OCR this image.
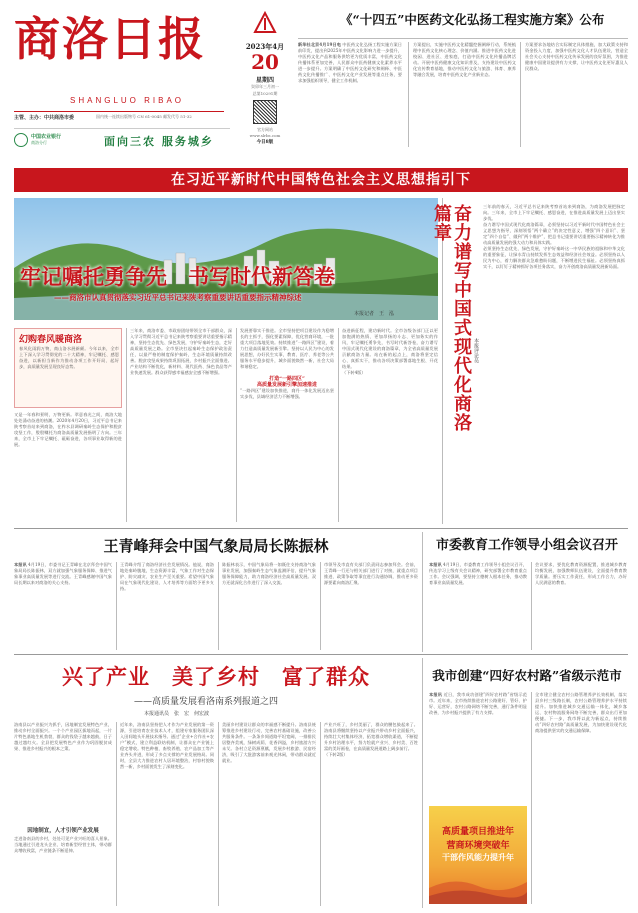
商洛日报
SHANGLUO RIBAO
主管、主办：中共商洛市委	国内统一连续出版物号 CN 61-0045 邮发代号 51-32
中国农业银行
商洛分行	面向三农 服务城乡
2023年4月
20
星期四
癸卯年三月初一
总第10291期
官方网站
www.slrbs.com
今日8版
《“十四五”中医药文化弘扬工程实施方案》公布
新华社北京4月19日电 中医药文化弘扬工程实施方案日前印发，提出到2025年中医药文化影响力进一步提升，中医药文化产品和服务供给更为优质丰富，中医药文化传播体系更加完善，人民群众中医药健康文化素养水平进一步提升。方案明确了中医药文化研究和阐释、中医药文化传播推广、中医药文化产业发展等重点任务，要求加强组织领导，健全工作机制。
方案提出，实施中医药文化精髓挖掘阐释行动，系统梳理中医药文化核心理念、价值内涵。推进中医药文化进校园、进社区、进家庭，打造中医药文化传播品牌活动。开展中医药健康文化知识普及，支持建设中医药文化宣传教育基地，推动中医药文化与旅游、体育、康养等融合发展，培育中医药文化产业新业态。
方案要求各地结合实际制定具体措施，加大政策支持和资金投入力度，加强中医药文化人才队伍建设，营造全社会关心支持中医药文化传承发展的良好氛围，为推进健康中国建设提供有力支撑，让中医药文化更好惠及人民群众。
在习近平新时代中国特色社会主义思想指引下
牢记嘱托勇争先　书写时代新答卷
——商洛市认真贯彻落实习近平总书记来陕考察重要讲话重要指示精神综述
本报记者　王　泓
幻购春风暖商洛
春风化雨润万物，商山洛水展新颜。今年以来，全市上下深入学习贯彻党的二十大精神，牢记嘱托、感恩奋进，以新担当新作为推动各项工作开好局、起好步，高质量发展呈现良好态势。
又是一年春和景明，万物更新。翠意春光之间，商洛大地处处涌动奋进的热潮。2020年4月20日，习近平总书记来陕考察首站来到商洛，在柞水县调研秦岭生态保护和脱贫攻坚工作，殷殷嘱托为商洛高质量发展指明了方向。三年来，全市上下牢记嘱托、砥砺奋进，各项事业取得新的进展。
三年来，商洛市委、市政府团结带领全市干部群众，深入学习贯彻习近平总书记来陕考察重要讲话重要指示精神，坚持生态优先、绿色发展，守护好秦岭生态，走好高质量发展之路。全市坚决扛起秦岭生态保护政治责任，以最严格的制度保护秦岭，生态环境质量持续改善。脱贫攻坚成果持续巩固拓展，乡村振兴全面推进。产业结构不断优化，新材料、现代医药、绿色食品等产业快速发展。群众获得感幸福感安全感不断增强。
发展要靠实干推进。全市坚持把项目建设作为稳增长的主抓手，强化要素保障，优化营商环境，一批重大项目落地见效。持续推进“一路四区”建设，着力打造高质量发展新引擎。坚持以人民为中心的发展思想，办好民生实事，教育、医疗、养老等公共服务水平稳步提升，城乡面貌焕然一新，社会大局和谐稳定。

打造“一路四区”
高质量发展新引擎加速推进
“一路四区”建设加快推进，商丹一体化发展迈出坚实步伐，县域经济活力不断增强。
奋进新征程，建功新时代。全市各级各部门正以更加饱满的热情、更加昂扬的斗志、更加务实的作风，牢记嘱托勇争先，书写时代新答卷，奋力谱写中国式现代化建设的商洛篇章，为全省高质量发展贡献商洛力量。站在新的起点上，商洛将坚定信心、真抓实干，推动各项决策部署落地生根、开花结果。
（下转4版）	奋力谱写中国式现代化商洛篇章
本报评论员
三年前的春天，习近平总书记来陕考察首站来到商洛，为商洛发展把脉定向。三年来，全市上下牢记嘱托、感恩奋进，在推进高质量发展上迈出坚实步伐。
奋力谱写中国式现代化商洛篇章，必须坚持以习近平新时代中国特色社会主义思想为指导，深刻领悟“两个确立”的决定性意义，增强“四个意识”、坚定“四个自信”、做到“两个维护”，把总书记重要讲话重要指示精神转化为推动高质量发展的强大动力和具体实践。
必须坚持生态优先、绿色发展，守护好秦岭这一中华民族的祖脉和中华文化的重要象征，让绿水青山持续发挥生态效益和经济社会效益。必须坚持以人民为中心，着力解决群众急难愁盼问题，不断增进民生福祉。必须坚持真抓实干，以钉钉子精神抓好各项任务落实，奋力开创商洛高质量发展新局面。
王青峰拜会中国气象局局长陈振林
本报讯 4月19日，市委书记王青峰在北京拜会中国气象局局长陈振林，双方就加强气象服务保障、推进气象事业高质量发展等进行交流。王青峰感谢中国气象局长期以来对商洛的关心支持。
王青峰介绍了商洛经济社会发展情况。他说，商洛地处秦岭腹地，生态资源丰富，气象工作对生态保护、防灾减灾、农业生产至关重要。希望中国气象局在气象现代化建设、人才培养等方面给予更多支持。
陈振林表示，中国气象局将一如既往支持商洛气象事业发展，加强秦岭生态气象监测评估，提升气象服务保障能力，助力商洛经济社会高质量发展。双方还就深化合作进行了深入交流。
市领导及市直有关部门负责同志参加拜会。会前，王青峰一行还与相关部门进行了对接，就重点项目推进、政策争取等事宜进行沟通协调，推动更多资源要素向商洛汇聚。
市委教育工作领导小组会议召开
本报讯 4月19日，市委教育工作领导小组会议召开，传达学习上级有关会议精神，研究部署全市教育重点工作。会议强调，要坚持立德树人根本任务，推动教育事业高质量发展。
会议要求，要优化教育资源配置，推进城乡教育均衡发展，加强教师队伍建设，全面提升教育教学质量。要压实工作责任，形成工作合力，办好人民满意的教育。
兴了产业　美了乡村　富了群众
——高质量发展看洛南系列报道之四
本报通讯员　张　宏　何宏波
洛南县以产业振兴为抓手，因地制宜发展特色产业，推动乡村全面振兴。一个个产业园区拔地而起，一片片特色基地生机勃勃，群众的钱袋子越来越鼓，日子越过越红火。全县把发展特色产业作为巩固脱贫成果、推进乡村振兴的根本之策。
因地制宜，人才引领产业发展
走进洛南县的乡村，处处可见产业兴旺的喜人景象。当地通过引进龙头企业、培育新型经营主体，带动群众增收致富，产业链条不断延伸。
近年来，洛南县坚持把人才作为产业发展的第一资源，引进培育农业技术人才，组建专家服务团队深入田间地头开展技术指导。通过“企业+合作社+农户”模式，建立利益联结机制，让群众在产业链上稳定增收。特色种植、畜牧养殖、农产品加工等产业齐头并进，形成了多点支撑的产业发展格局。同时，全县大力推进农村人居环境整治，村容村貌焕然一新，乡村面貌发生了深刻变化。
美丽乡村建设让群众的幸福感不断提升。洛南县统筹推进乡村建设行动，完善农村基础设施，改善公共服务条件。一条条乡间道路平坦宽阔，一排排民居整齐美观，绿树成荫、花香四溢，乡村旅游方兴未艾。各村立足资源禀赋，发展乡村旅游、民宿经济，吸引了大批游客前来观光休闲，带动群众就近就业。
产业兴旺了，乡村美丽了，群众的腰包鼓起来了。洛南县将继续坚持以产业振兴带动乡村全面振兴，持续壮大村集体经济，拓宽群众增收渠道，不断提升乡村治理水平，努力绘就产业兴、乡村美、百姓富的美好画卷，在高质量发展道路上阔步前行。
（下转2版）
我市创建“四好农村路”省级示范市
本报讯 近日，我市成功创建“四好农村路”省级示范市。近年来，全市持续推进农村公路建好、管好、护好、运营好，农村公路网络不断完善，通行条件明显改善，为乡村振兴提供了有力支撑。
全市建立健全农村公路管理养护长效机制，落实县乡村三级路长制，农村公路管理养护水平持续提升。加快推进城乡交通运输一体化，城乡客运、农村物流服务网络不断完善，群众出行更加便捷。下一步，我市将以此为新起点，持续推动“四好农村路”高质量发展，为加快建设现代化商洛提供坚实的交通运输保障。
高质量项目推进年
营商环境突破年
干部作风能力提升年
